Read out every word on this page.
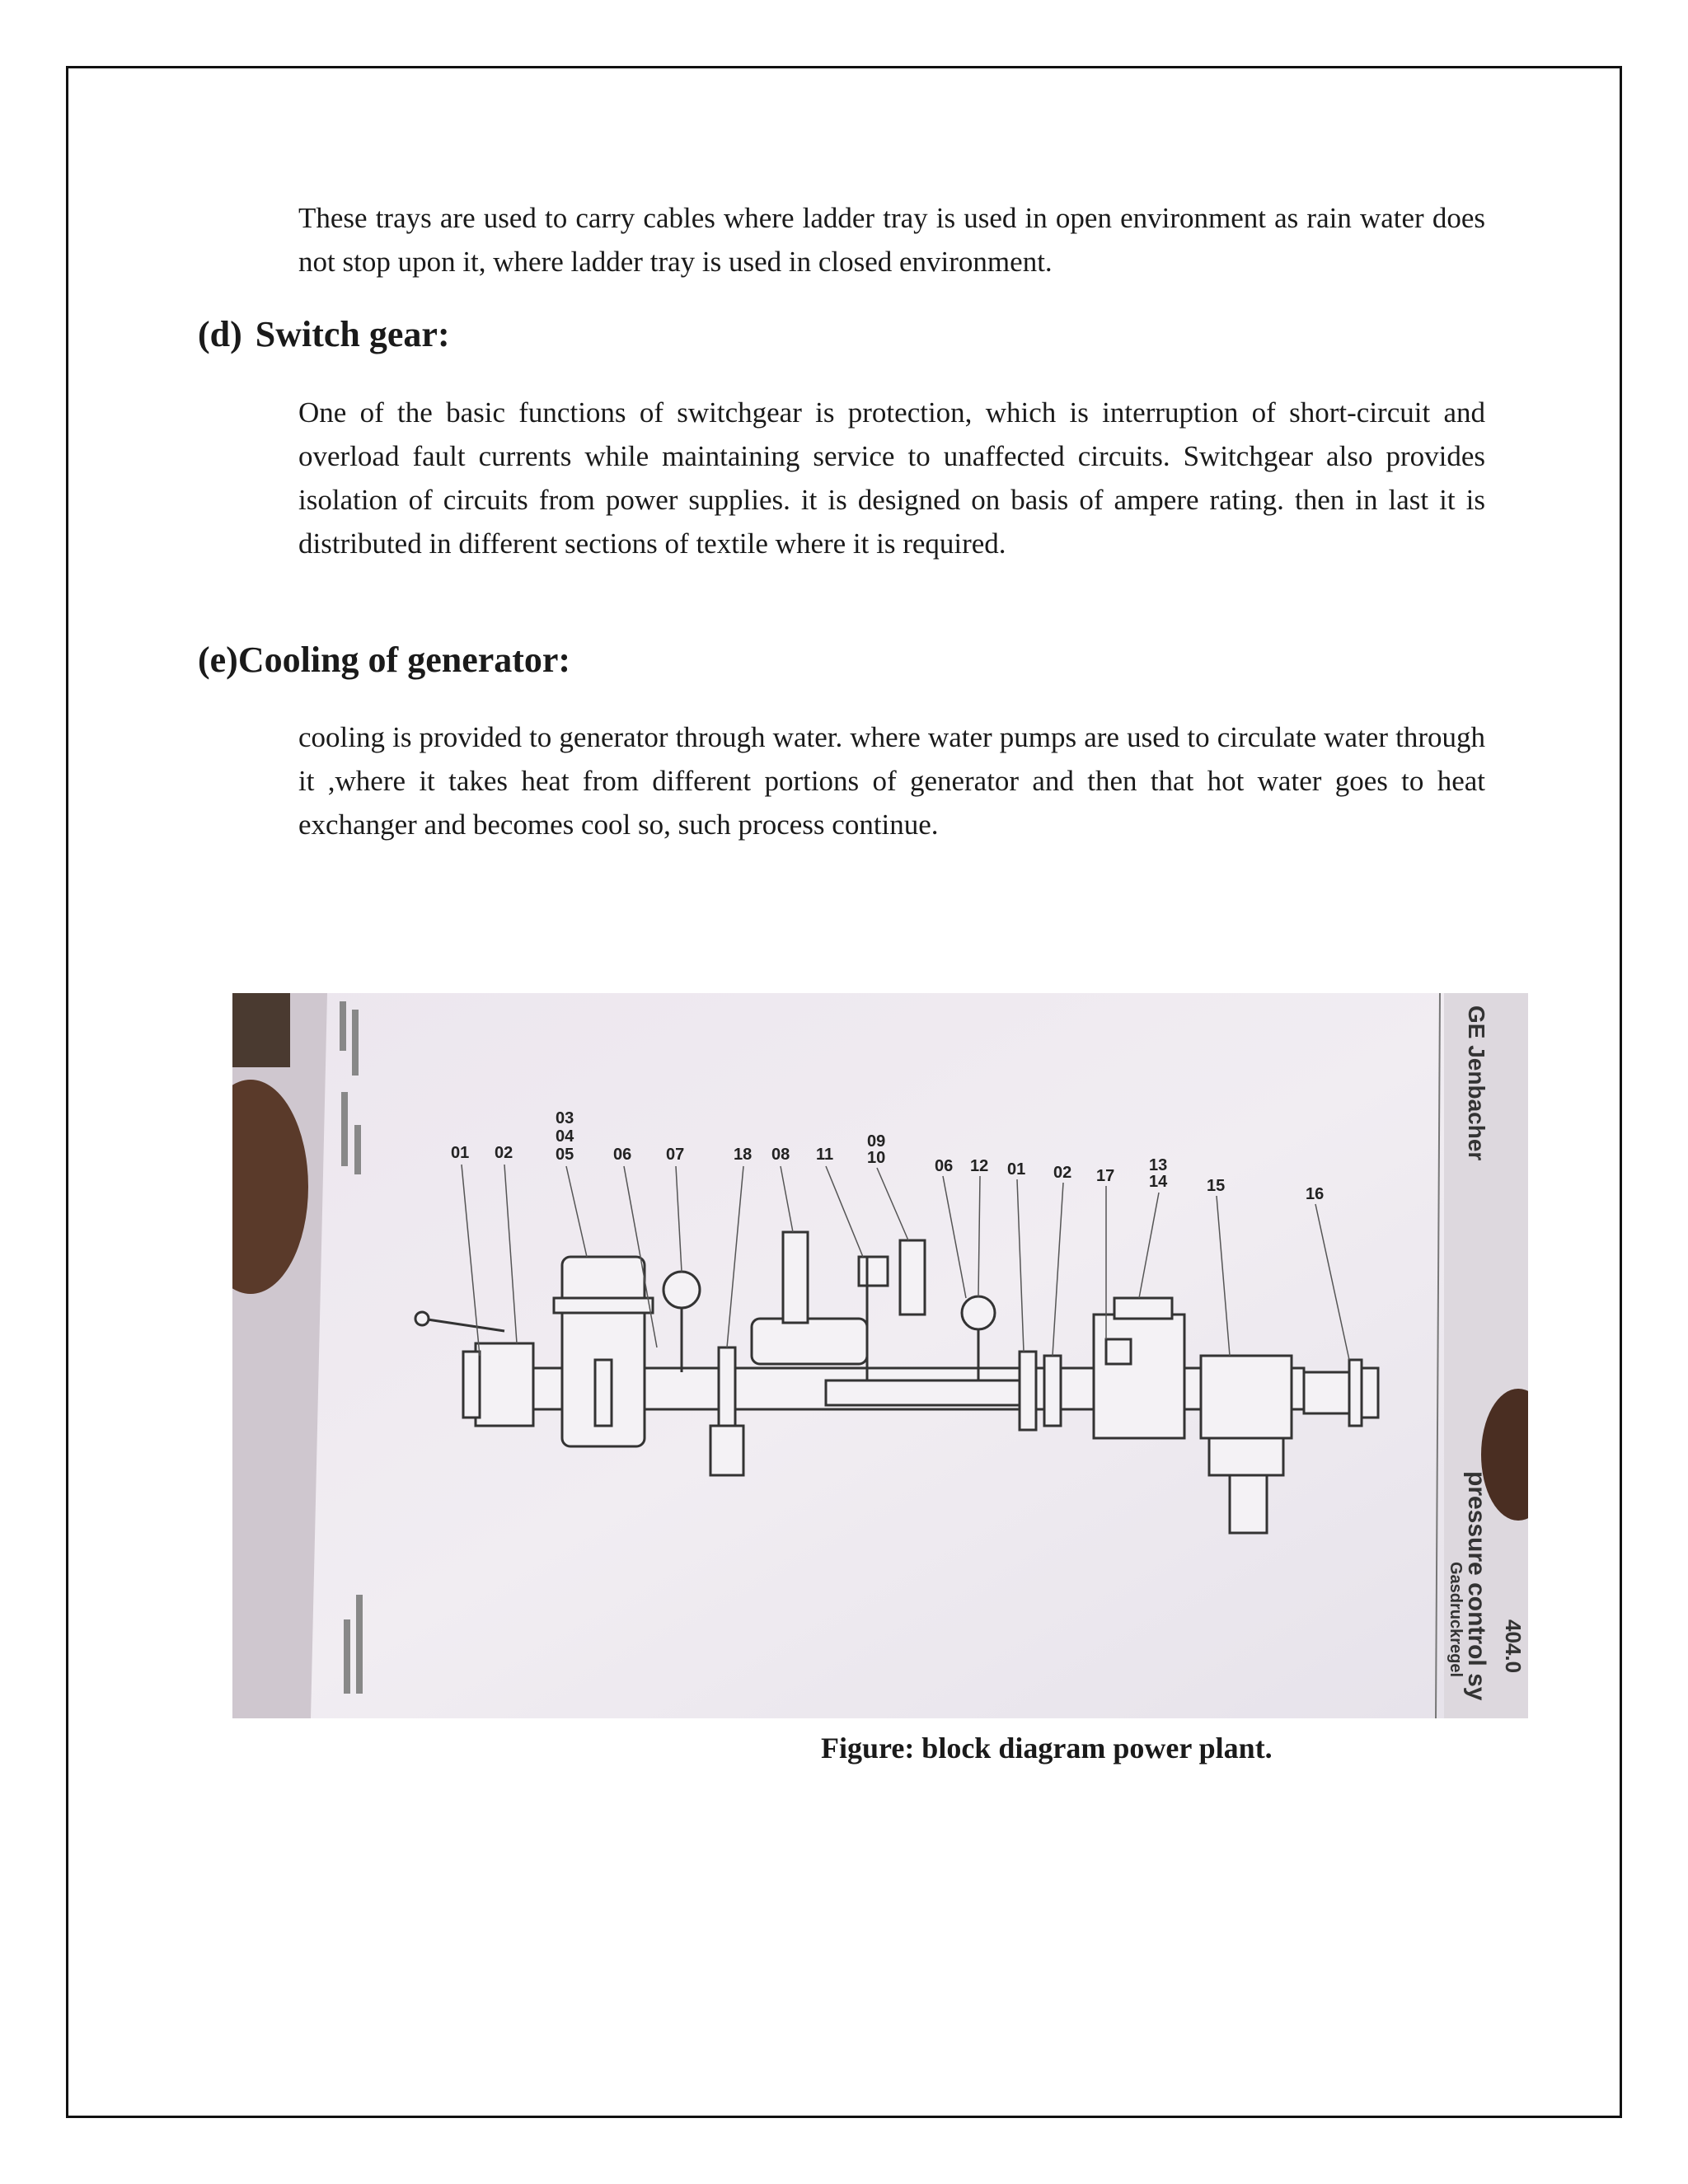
These trays are used to carry cables where ladder tray is used in open environment as rain water does not stop upon it, where ladder tray is used in closed environment.

(d) Switch gear:

One of the basic functions of switchgear is protection, which is interruption of short-circuit and overload fault currents while maintaining service to unaffected circuits. Switchgear also provides isolation of circuits from power supplies. it is designed on basis of ampere rating. then in last it is distributed in different sections of textile where it is required.

(e)Cooling of generator:

cooling is provided to generator through water. where water pumps are used to circulate water through it ,where it takes heat from different portions of generator and then that hot water goes to heat exchanger and becomes cool so, such process continue.

GE Jenbacher
pressure control sy
Gasdruckregel 404.0
01 02
03
04
05 06 07	18 08 11
09
10	06 12 01 02 17
13
14 15	16

Figure: block diagram power plant.
